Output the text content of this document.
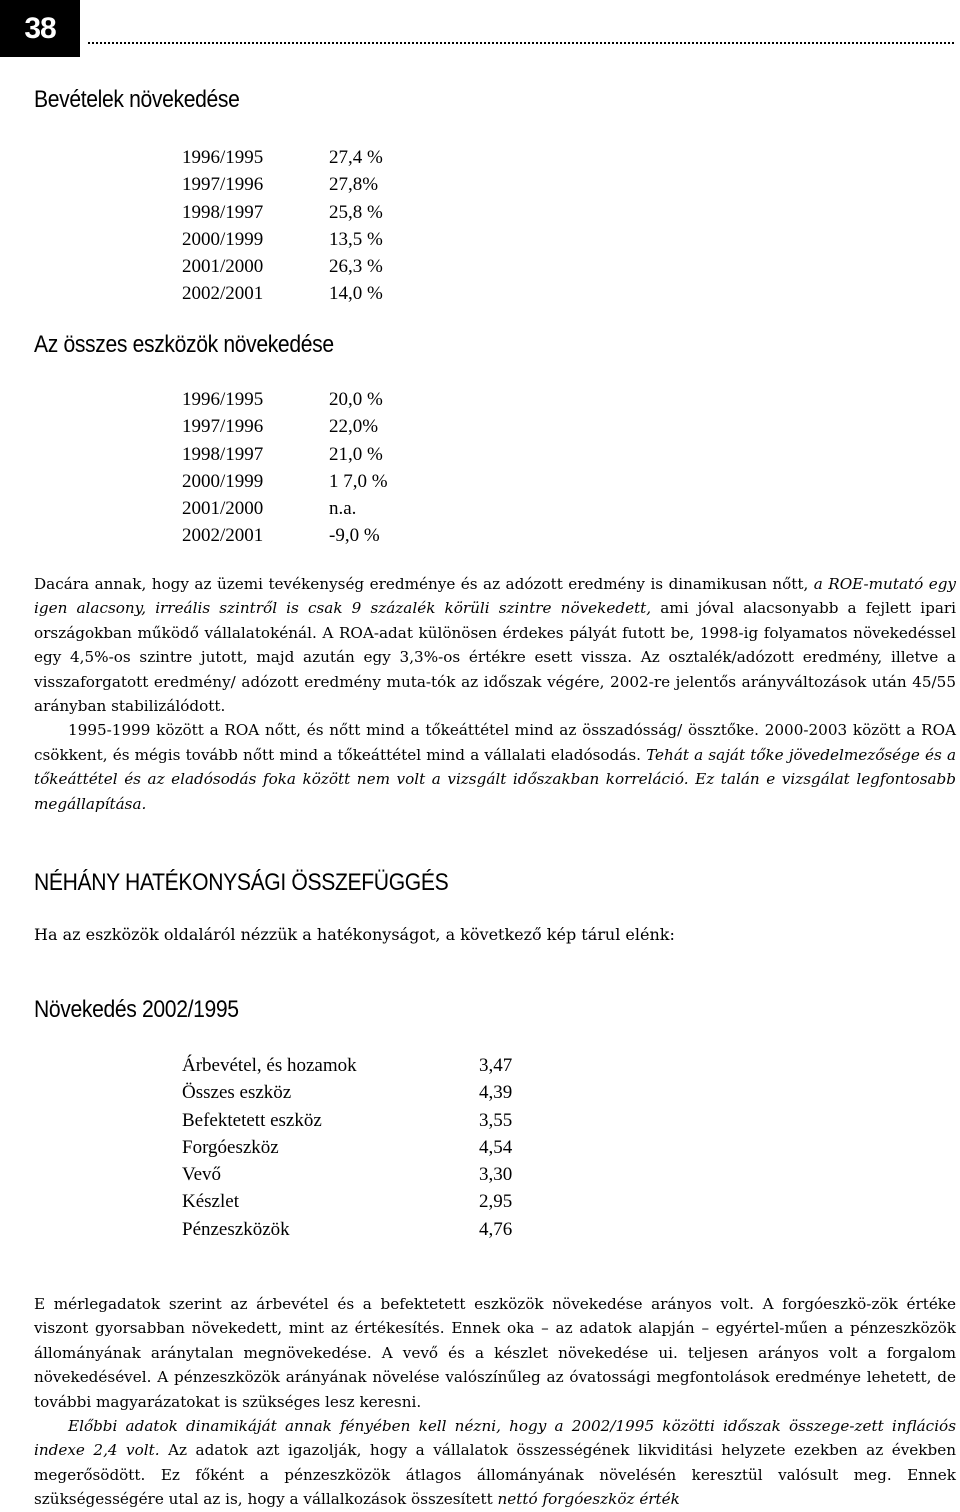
38
Bevételek növekedése
1996/1995	27,4 %
1997/1996	27,8%
1998/1997	25,8 %
2000/1999	13,5 %
2001/2000	26,3 %
2002/2001	14,0 %
Az összes eszközök növekedése
1996/1995	20,0 %
1997/1996	22,0%
1998/1997	21,0 %
2000/1999	1 7,0 %
2001/2000	n.a.
2002/2001	-9,0 %

Dacára annak, hogy az üzemi tevékenység eredménye és az adózott eredmény is dinamikusan nőtt, a ROE-mutató egy igen alacsony, irreális szintről is csak 9 százalék körüli szintre növekedett, ami jóval alacsonyabb a fejlett ipari országokban működő vállalatokénál. A ROA-adat különösen érdekes pályát futott be, 1998-ig folyamatos növekedéssel egy 4,5%-os szintre jutott, majd azután egy 3,3%-os értékre esett vissza. Az osztalék/adózott eredmény, illetve a visszaforgatott eredmény/ adózott eredmény muta-tók az időszak végére, 2002-re jelentős arányváltozások után 45/55 arányban stabilizálódott.

1995-1999 között a ROA nőtt, és nőtt mind a tőkeáttétel mind az összadósság/ össztőke. 2000-2003 között a ROA csökkent, és mégis tovább nőtt mind a tőkeáttétel mind a vállalati eladósodás. Tehát a saját tőke jövedelmezősége és a tőkeáttétel és az eladósodás foka között nem volt a vizsgált időszakban korreláció. Ez talán e vizsgálat legfontosabb megállapítása.

NÉHÁNY HATÉKONYSÁGI ÖSSZEFÜGGÉS
Ha az eszközök oldaláról nézzük a hatékonyságot, a következő kép tárul elénk:
Növekedés 2002/1995
Árbevétel, és hozamok	3,47
Összes eszköz	4,39
Befektetett eszköz	3,55
Forgóeszköz	4,54
Vevő	3,30
Készlet	2,95
Pénzeszközök	4,76

E mérlegadatok szerint az árbevétel és a befektetett eszközök növekedése arányos volt. A forgóeszkö-zök értéke viszont gyorsabban növekedett, mint az értékesítés. Ennek oka – az adatok alapján – egyértel-műen a pénzeszközök állományának aránytalan megnövekedése. A vevő és a készlet növekedése ui. teljesen arányos volt a forgalom növekedésével. A pénzeszközök arányának növelése valószínűleg az óvatossági megfontolások eredménye lehetett, de további magyarázatokat is szükséges lesz keresni.

Előbbi adatok dinamikáját annak fényében kell nézni, hogy a 2002/1995 közötti időszak összege-zett inflációs indexe 2,4 volt. Az adatok azt igazolják, hogy a vállalatok összességének likviditási helyzete ezekben az években megerősödött. Ez főként a pénzeszközök átlagos állományának növelésén keresztül valósult meg. Ennek szükségességére utal az is, hogy a vállalkozások összesített nettó forgóeszköz érték
